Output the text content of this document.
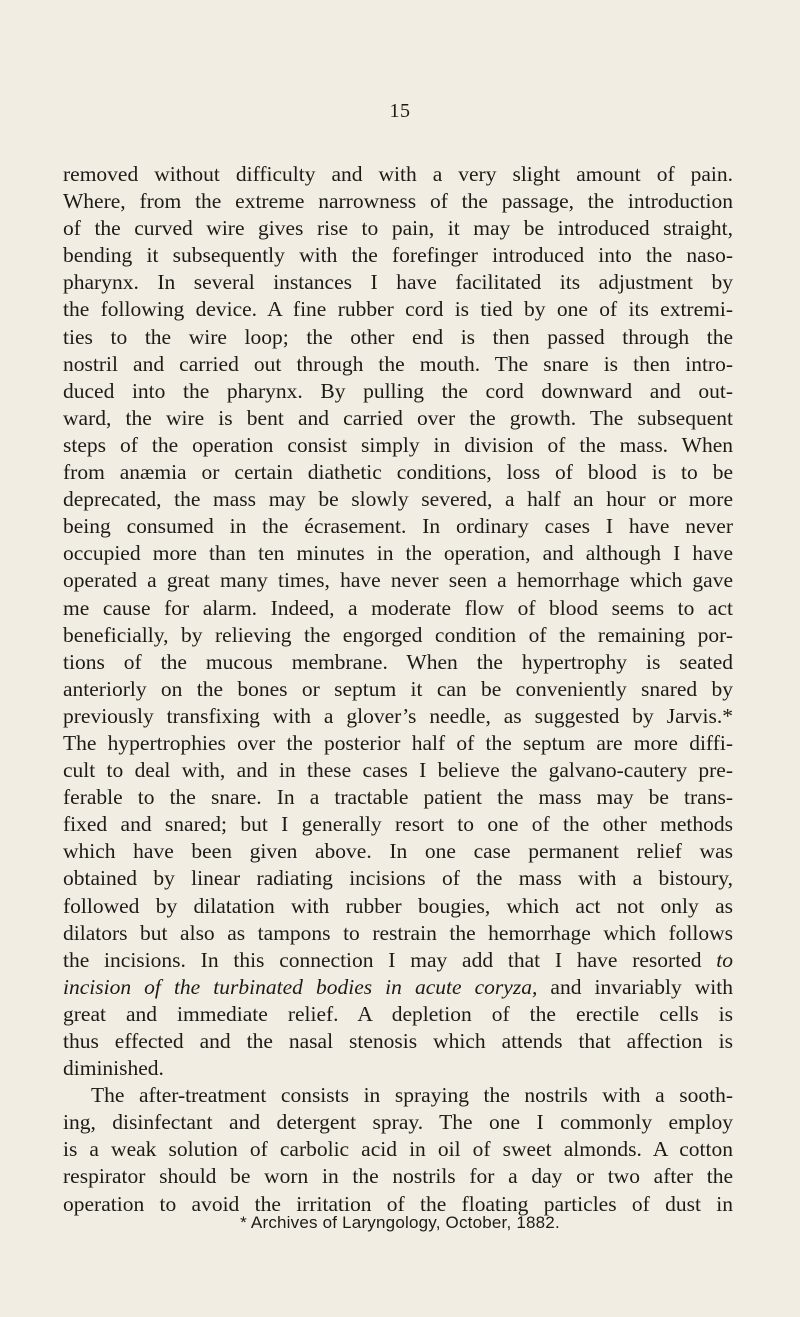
15
removed without difficulty and with a very slight amount of pain.
Where, from the extreme narrowness of the passage, the introduction
of the curved wire gives rise to pain, it may be introduced straight,
bending it subsequently with the forefinger introduced into the naso-
pharynx. In several instances I have facilitated its adjustment by
the following device. A fine rubber cord is tied by one of its extremi-
ties to the wire loop; the other end is then passed through the
nostril and carried out through the mouth. The snare is then intro-
duced into the pharynx. By pulling the cord downward and out-
ward, the wire is bent and carried over the growth. The subsequent
steps of the operation consist simply in division of the mass. When
from anæmia or certain diathetic conditions, loss of blood is to be
deprecated, the mass may be slowly severed, a half an hour or more
being consumed in the écrasement. In ordinary cases I have never
occupied more than ten minutes in the operation, and although I have
operated a great many times, have never seen a hemorrhage which gave
me cause for alarm. Indeed, a moderate flow of blood seems to act
beneficially, by relieving the engorged condition of the remaining por-
tions of the mucous membrane. When the hypertrophy is seated
anteriorly on the bones or septum it can be conveniently snared by
previously transfixing with a glover’s needle, as suggested by Jarvis.*
The hypertrophies over the posterior half of the septum are more diffi-
cult to deal with, and in these cases I believe the galvano-cautery pre-
ferable to the snare. In a tractable patient the mass may be trans-
fixed and snared; but I generally resort to one of the other methods
which have been given above. In one case permanent relief was
obtained by linear radiating incisions of the mass with a bistoury,
followed by dilatation with rubber bougies, which act not only as
dilators but also as tampons to restrain the hemorrhage which follows
the incisions. In this connection I may add that I have resorted to
incision of the turbinated bodies in acute coryza, and invariably with
great and immediate relief. A depletion of the erectile cells is
thus effected and the nasal stenosis which attends that affection is
diminished.
The after-treatment consists in spraying the nostrils with a sooth-
ing, disinfectant and detergent spray. The one I commonly employ
is a weak solution of carbolic acid in oil of sweet almonds. A cotton
respirator should be worn in the nostrils for a day or two after the
operation to avoid the irritation of the floating particles of dust in
* Archives of Laryngology, October, 1882.
